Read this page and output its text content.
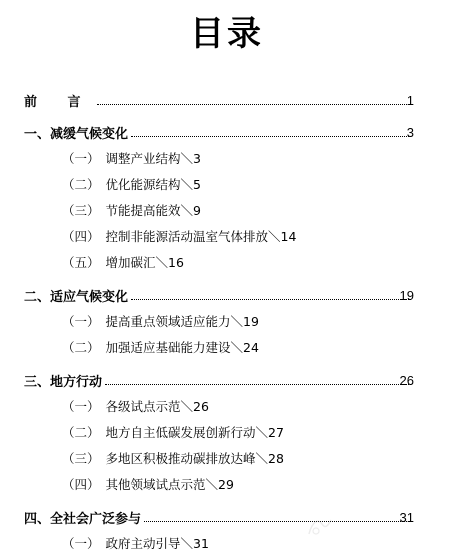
目录
前 言	1
一、减缓气候变化	3
（一） 调整产业结构＼3
（二） 优化能源结构＼5
（三） 节能提高能效＼9
（四） 控制非能源活动温室气体排放＼14
（五） 增加碳汇＼16
二、适应气候变化	19
（一） 提高重点领域适应能力＼19
（二） 加强适应基础能力建设＼24
三、地方行动	26
（一） 各级试点示范＼26
（二） 地方自主低碳发展创新行动＼27
（三） 多地区积极推动碳排放达峰＼28
（四） 其他领域试点示范＼29
四、全社会广泛参与	31
（一） 政府主动引导＼31
